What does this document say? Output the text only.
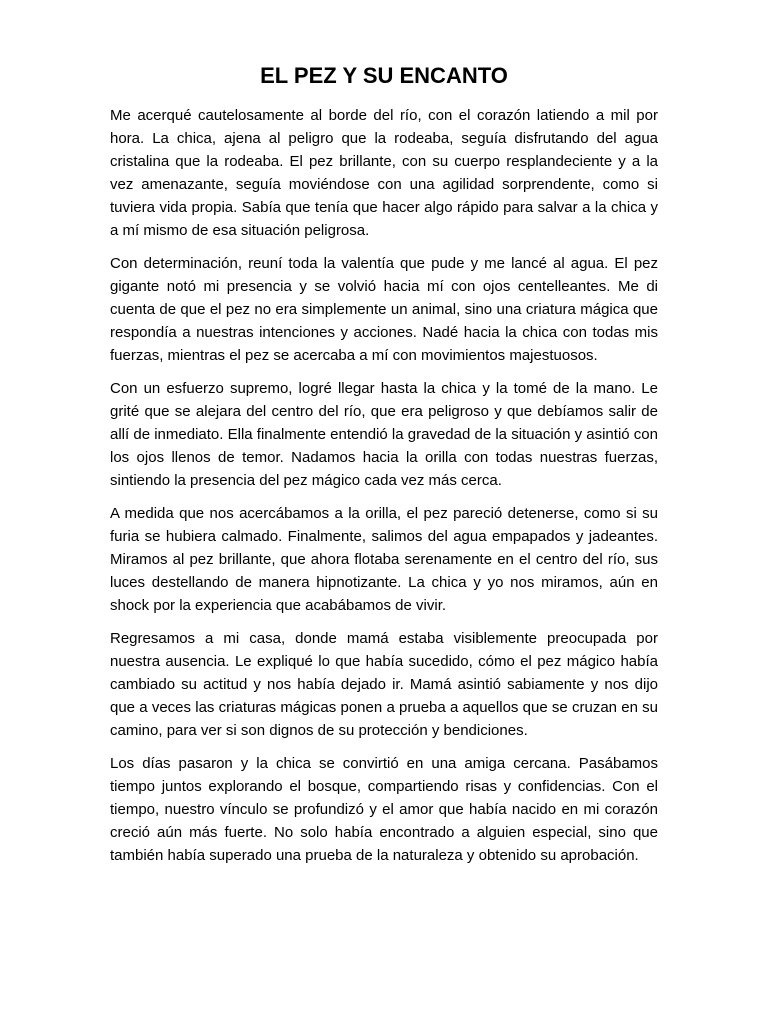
EL PEZ Y SU ENCANTO

Me acerqué cautelosamente al borde del río, con el corazón latiendo a mil por hora. La chica, ajena al peligro que la rodeaba, seguía disfrutando del agua cristalina que la rodeaba. El pez brillante, con su cuerpo resplandeciente y a la vez amenazante, seguía moviéndose con una agilidad sorprendente, como si tuviera vida propia. Sabía que tenía que hacer algo rápido para salvar a la chica y a mí mismo de esa situación peligrosa.

Con determinación, reuní toda la valentía que pude y me lancé al agua. El pez gigante notó mi presencia y se volvió hacia mí con ojos centelleantes. Me di cuenta de que el pez no era simplemente un animal, sino una criatura mágica que respondía a nuestras intenciones y acciones. Nadé hacia la chica con todas mis fuerzas, mientras el pez se acercaba a mí con movimientos majestuosos.

Con un esfuerzo supremo, logré llegar hasta la chica y la tomé de la mano. Le grité que se alejara del centro del río, que era peligroso y que debíamos salir de allí de inmediato. Ella finalmente entendió la gravedad de la situación y asintió con los ojos llenos de temor. Nadamos hacia la orilla con todas nuestras fuerzas, sintiendo la presencia del pez mágico cada vez más cerca.

A medida que nos acercábamos a la orilla, el pez pareció detenerse, como si su furia se hubiera calmado. Finalmente, salimos del agua empapados y jadeantes. Miramos al pez brillante, que ahora flotaba serenamente en el centro del río, sus luces destellando de manera hipnotizante. La chica y yo nos miramos, aún en shock por la experiencia que acabábamos de vivir.

Regresamos a mi casa, donde mamá estaba visiblemente preocupada por nuestra ausencia. Le expliqué lo que había sucedido, cómo el pez mágico había cambiado su actitud y nos había dejado ir. Mamá asintió sabiamente y nos dijo que a veces las criaturas mágicas ponen a prueba a aquellos que se cruzan en su camino, para ver si son dignos de su protección y bendiciones.

Los días pasaron y la chica se convirtió en una amiga cercana. Pasábamos tiempo juntos explorando el bosque, compartiendo risas y confidencias. Con el tiempo, nuestro vínculo se profundizó y el amor que había nacido en mi corazón creció aún más fuerte. No solo había encontrado a alguien especial, sino que también había superado una prueba de la naturaleza y obtenido su aprobación.
